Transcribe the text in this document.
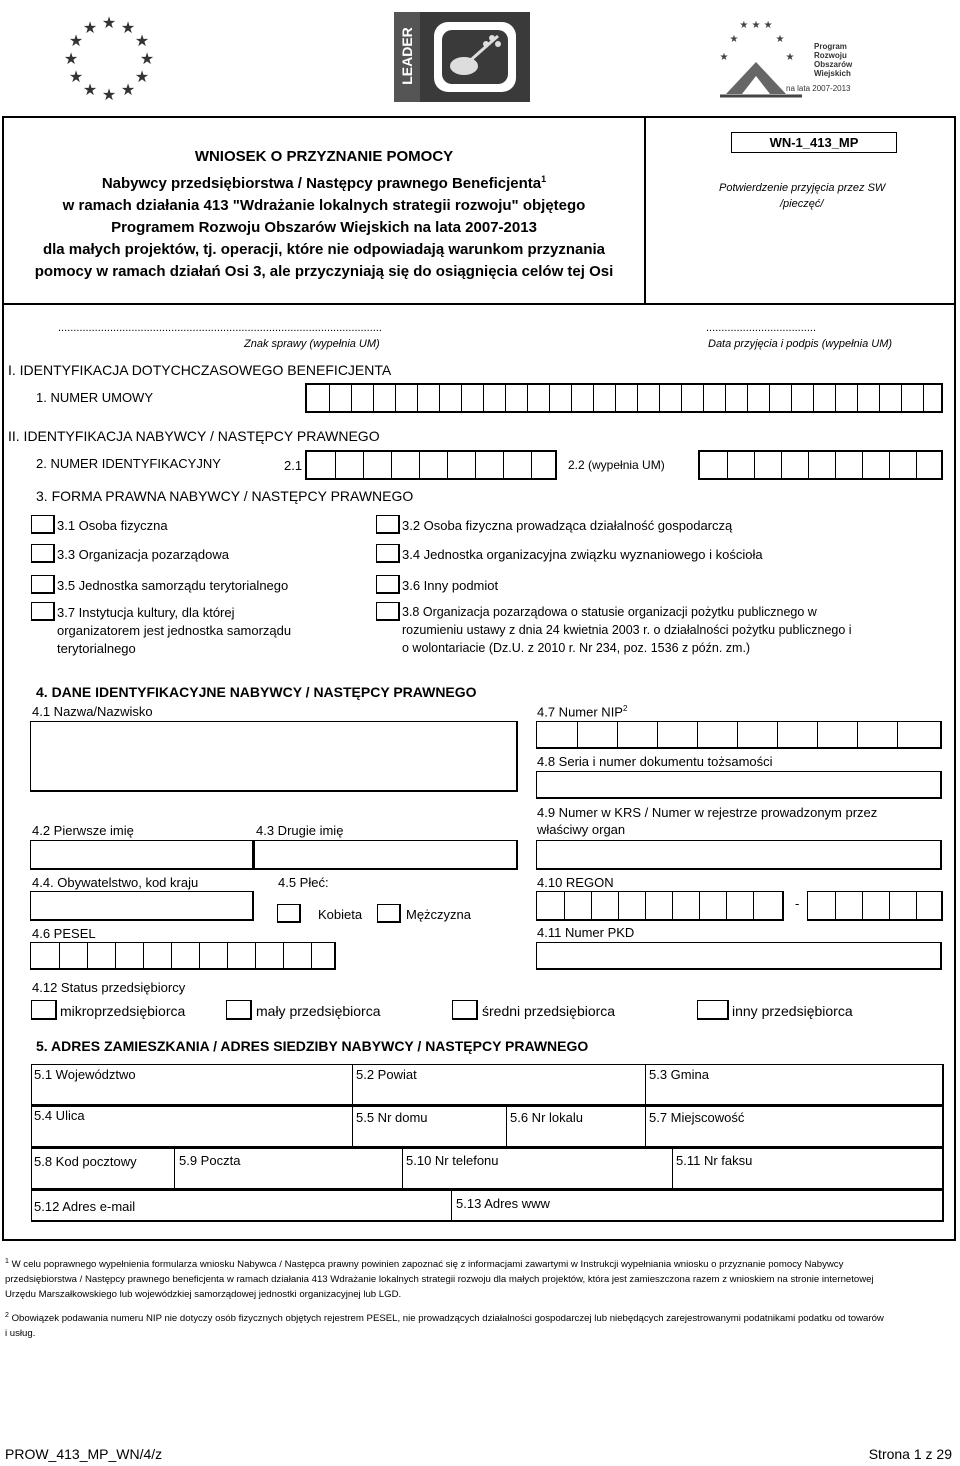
★ ★
★
★
★
★
★
★
★
★
★
★	LEADER
★ ★ ★
★	★
★	★
Program
Rozwoju
Obszarów
Wiejskich
na lata 2007-2013
WNIOSEK O PRZYZNANIE POMOCY
Nabywcy przedsiębiorstwa / Następcy prawnego Beneficjenta$^1$
w ramach działania 413 "Wdrażanie lokalnych strategii rozwoju" objętego
Programem Rozwoju Obszarów Wiejskich na lata 2007-2013
dla małych projektów, tj. operacji, które nie odpowiadają warunkom przyznania
pomocy w ramach działań Osi 3, ale przyczyniają się do osiągnięcia celów tej Osi
WN-1_413_MP
Potwierdzenie przyjęcia przez SW
/pieczęć/
..........................................................................................................
Znak sprawy (wypełnia UM)
....................................
Data przyjęcia i podpis (wypełnia UM)
I. IDENTYFIKACJA DOTYCHCZASOWEGO BENEFICJENTA
1. NUMER UMOWY
II. IDENTYFIKACJA NABYWCY / NASTĘPCY PRAWNEGO
2. NUMER IDENTYFIKACYJNY	2.1	2.2 (wypełnia UM)
3. FORMA PRAWNA NABYWCY / NASTĘPCY PRAWNEGO
3.1 Osoba fizyczna	3.2 Osoba fizyczna prowadząca działalność gospodarczą
3.3 Organizacja pozarządowa	3.4 Jednostka organizacyjna związku wyznaniowego i kościoła
3.5 Jednostka samorządu terytorialnego	3.6 Inny podmiot
3.7 Instytucja kultury, dla której
organizatorem jest jednostka samorządu
terytorialnego
3.8 Organizacja pozarządowa o statusie organizacji pożytku publicznego w
rozumieniu ustawy z dnia 24 kwietnia 2003 r. o działalności pożytku publicznego i
o wolontariacie (Dz.U. z 2010 r. Nr 234, poz. 1536 z późn. zm.)
4. DANE IDENTYFIKACYJNE NABYWCY / NASTĘPCY PRAWNEGO
4.1 Nazwa/Nazwisko	4.7 Numer NIP$^2$
4.8 Seria i numer dokumentu tożsamości
4.9 Numer w KRS / Numer w rejestrze prowadzonym przez
właściwy organ
4.2 Pierwsze imię	4.3 Drugie imię
4.4. Obywatelstwo, kod kraju	4.5 Płeć:
Kobieta	Mężczyzna
4.10 REGON
-
4.6 PESEL	4.11 Numer PKD
4.12 Status przedsiębiorcy
mikroprzedsiębiorca	mały przedsiębiorca	średni przedsiębiorca	inny przedsiębiorca
5. ADRES ZAMIESZKANIA / ADRES SIEDZIBY NABYWCY / NASTĘPCY PRAWNEGO
5.1 Województwo	5.2 Powiat	5.3 Gmina
5.4 Ulica	5.5 Nr domu	5.6 Nr lokalu	5.7 Miejscowość
5.8 Kod pocztowy	5.9 Poczta	5.10 Nr telefonu	5.11 Nr faksu
5.12 Adres e-mail	5.13 Adres www
$^1$ W celu poprawnego wypełnienia formularza wniosku Nabywca / Następca prawny powinien zapoznać się z informacjami zawartymi w Instrukcji wypełniania wniosku o przyznanie pomocy Nabywcy
przedsiębiorstwa / Następcy prawnego beneficjenta w ramach działania 413 Wdrażanie lokalnych strategii rozwoju dla małych projektów, która jest zamieszczona razem z wnioskiem na stronie internetowej
Urzędu Marszałkowskiego lub wojewódzkiej samorządowej jednostki organizacyjnej lub LGD.
$^2$ Obowiązek podawania numeru NIP nie dotyczy osób fizycznych objętych rejestrem PESEL, nie prowadzących działalności gospodarczej lub niebędących zarejestrowanymi podatnikami podatku od towarów
i usług.
PROW_413_MP_WN/4/z	Strona 1 z 29
